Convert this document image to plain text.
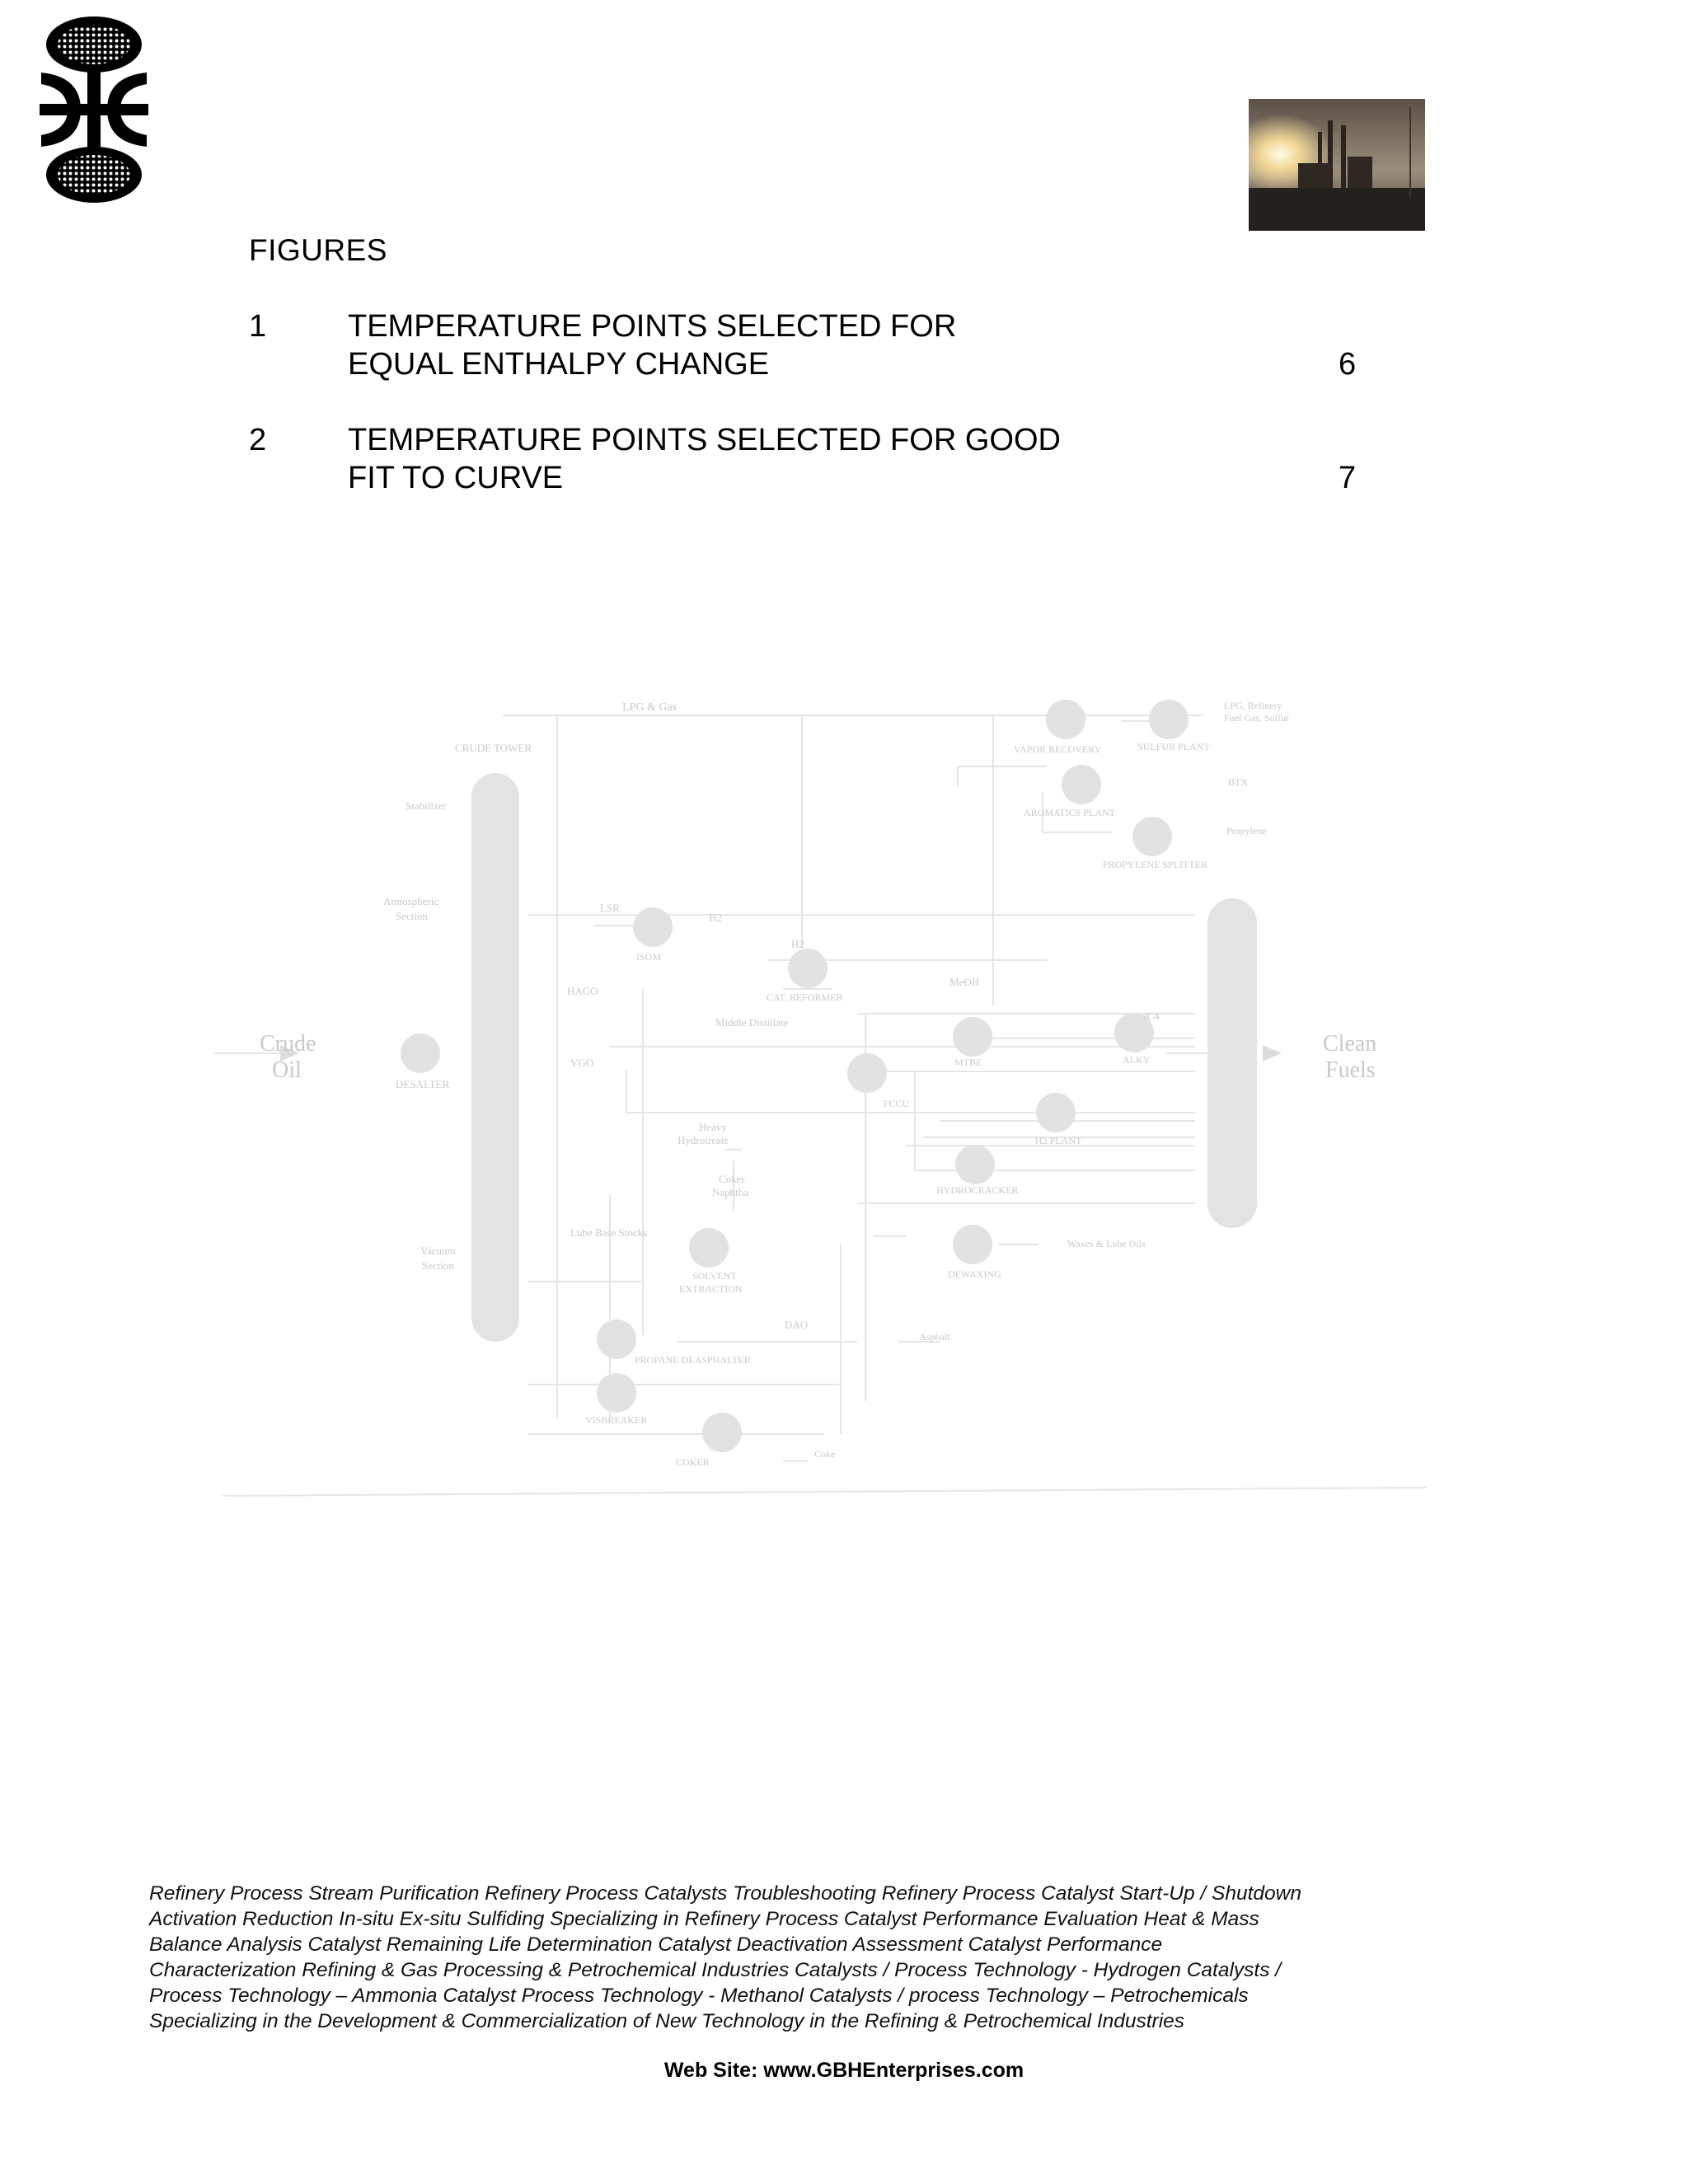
FIGURES
1	TEMPERATURE POINTS SELECTED FOR
EQUAL ENTHALPY CHANGE	6
2	TEMPERATURE POINTS SELECTED FOR GOOD
FIT TO CURVE	7
Crude
Oil
Clean
Fuels
LPG & Gas
CRUDE TOWER
DESALTER
Stabilizer
Atmospheric
Section
Vacuum
Section
LSR
HAGO
VGO
H2
H2
Middle Distillate
Heavy
Hydrotreate
Coker
Naphtha
Lube Base Stocks
DAO
MeOH
iC4
VAPOR RECOVERY	SULFUR PLANT
AROMATICS PLANT
PROPYLENE SPLITTER
ISOM
CAT. REFORMER
MTBE	ALKY
FCCU
H2 PLANT
HYDROCRACKER
DEWAXING
SOLVENT
EXTRACTION
PROPANE DEASPHALTER
VISBREAKER
COKER
LPG, Refinery
Fuel Gas, Sulfur
BTX
Propylene
Waxes & Lube Oils
Asphalt
Coke
Refinery Process Stream Purification Refinery Process Catalysts Troubleshooting Refinery Process Catalyst Start-Up / Shutdown
Activation Reduction In-situ Ex-situ Sulfiding Specializing in Refinery Process Catalyst Performance Evaluation Heat & Mass
Balance Analysis Catalyst Remaining Life Determination Catalyst Deactivation Assessment Catalyst Performance
Characterization Refining & Gas Processing & Petrochemical Industries Catalysts / Process Technology - Hydrogen Catalysts /
Process Technology – Ammonia Catalyst Process Technology - Methanol Catalysts / process Technology – Petrochemicals
Specializing in the Development & Commercialization of New Technology in the Refining & Petrochemical Industries
Web Site: www.GBHEnterprises.com
